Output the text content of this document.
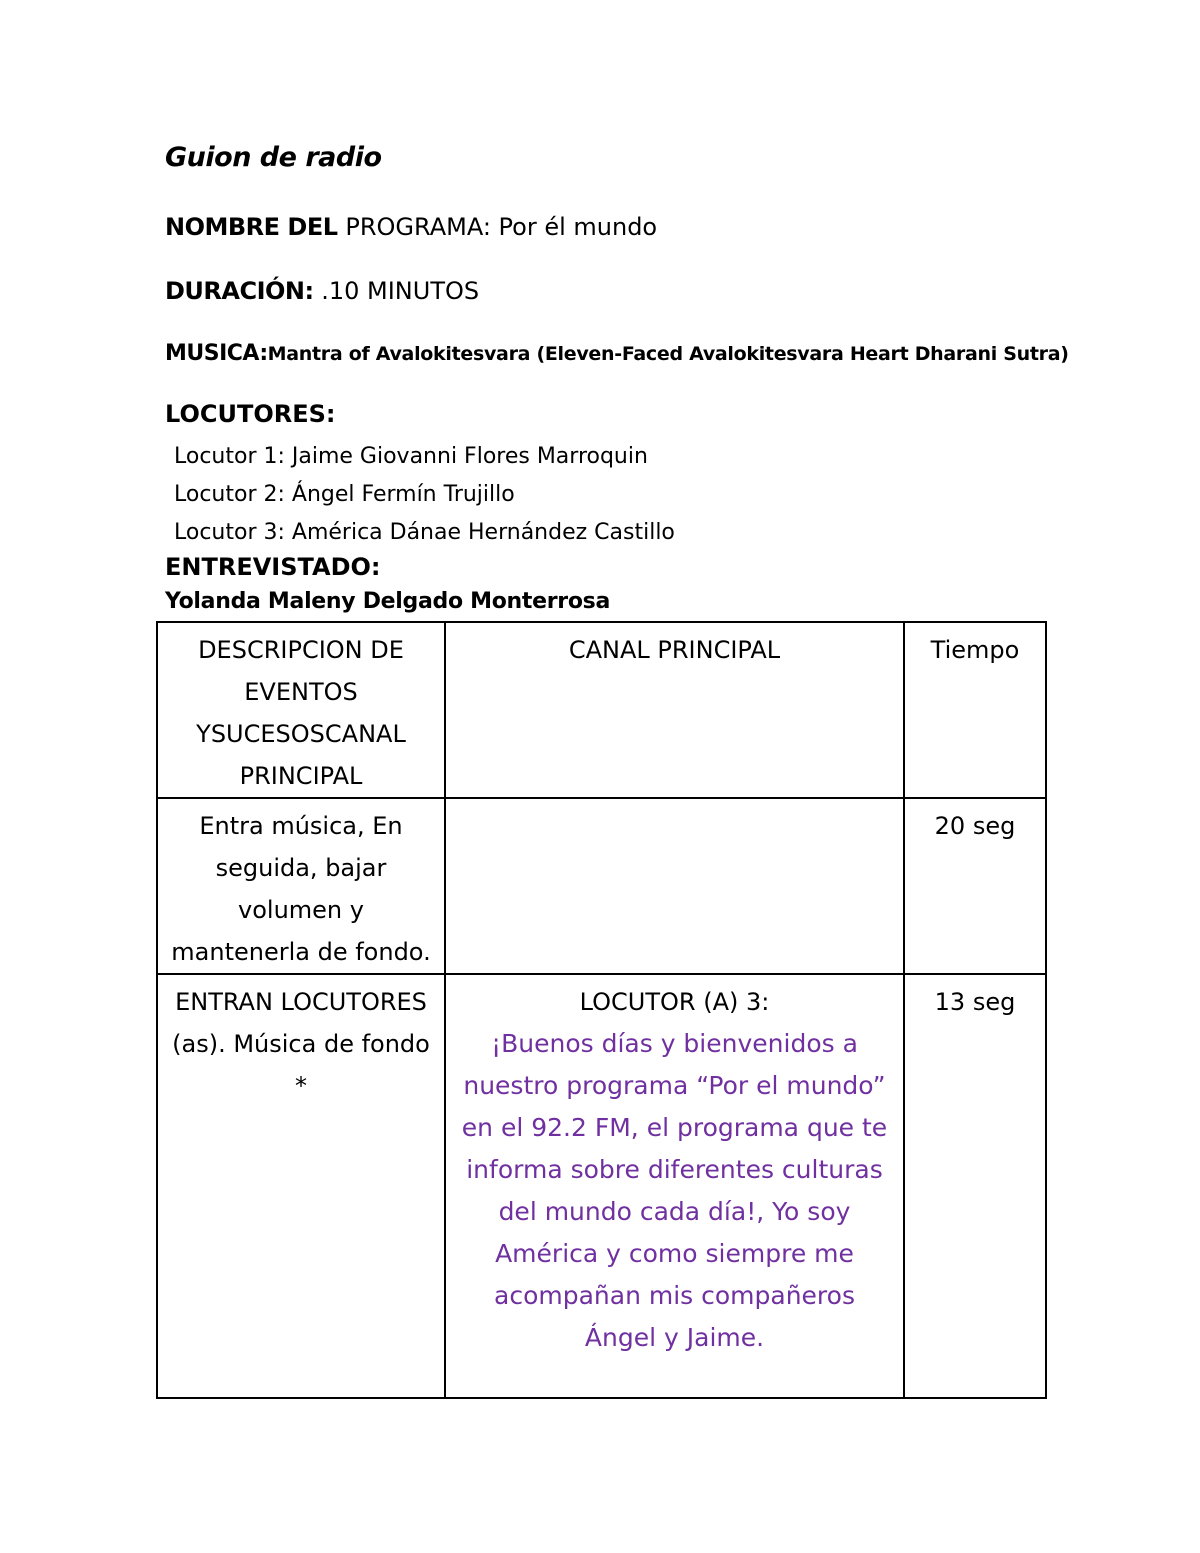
Guion de radio
NOMBRE DEL PROGRAMA: Por él mundo
DURACIÓN: .10 MINUTOS
MUSICA:Mantra of Avalokitesvara (Eleven-Faced Avalokitesvara Heart Dharani Sutra)
LOCUTORES:
Locutor 1: Jaime Giovanni Flores Marroquin
Locutor 2: Ángel Fermín Trujillo
Locutor 3: América Dánae Hernández Castillo
ENTREVISTADO:
Yolanda Maleny Delgado Monterrosa
DESCRIPCION DE EVENTOS YSUCESOSCANAL PRINCIPAL	CANAL PRINCIPAL	Tiempo

Entra música, En seguida, bajar volumen y mantenerla de fondo.		20 seg

ENTRAN LOCUTORES (as). Música de fondo *	LOCUTOR (A) 3:
¡Buenos días y bienvenidos a nuestro programa “Por el mundo” en el 92.2 FM, el programa que te informa sobre diferentes culturas del mundo cada día!, Yo soy América y como siempre me acompañan mis compañeros Ángel y Jaime.	13 seg
